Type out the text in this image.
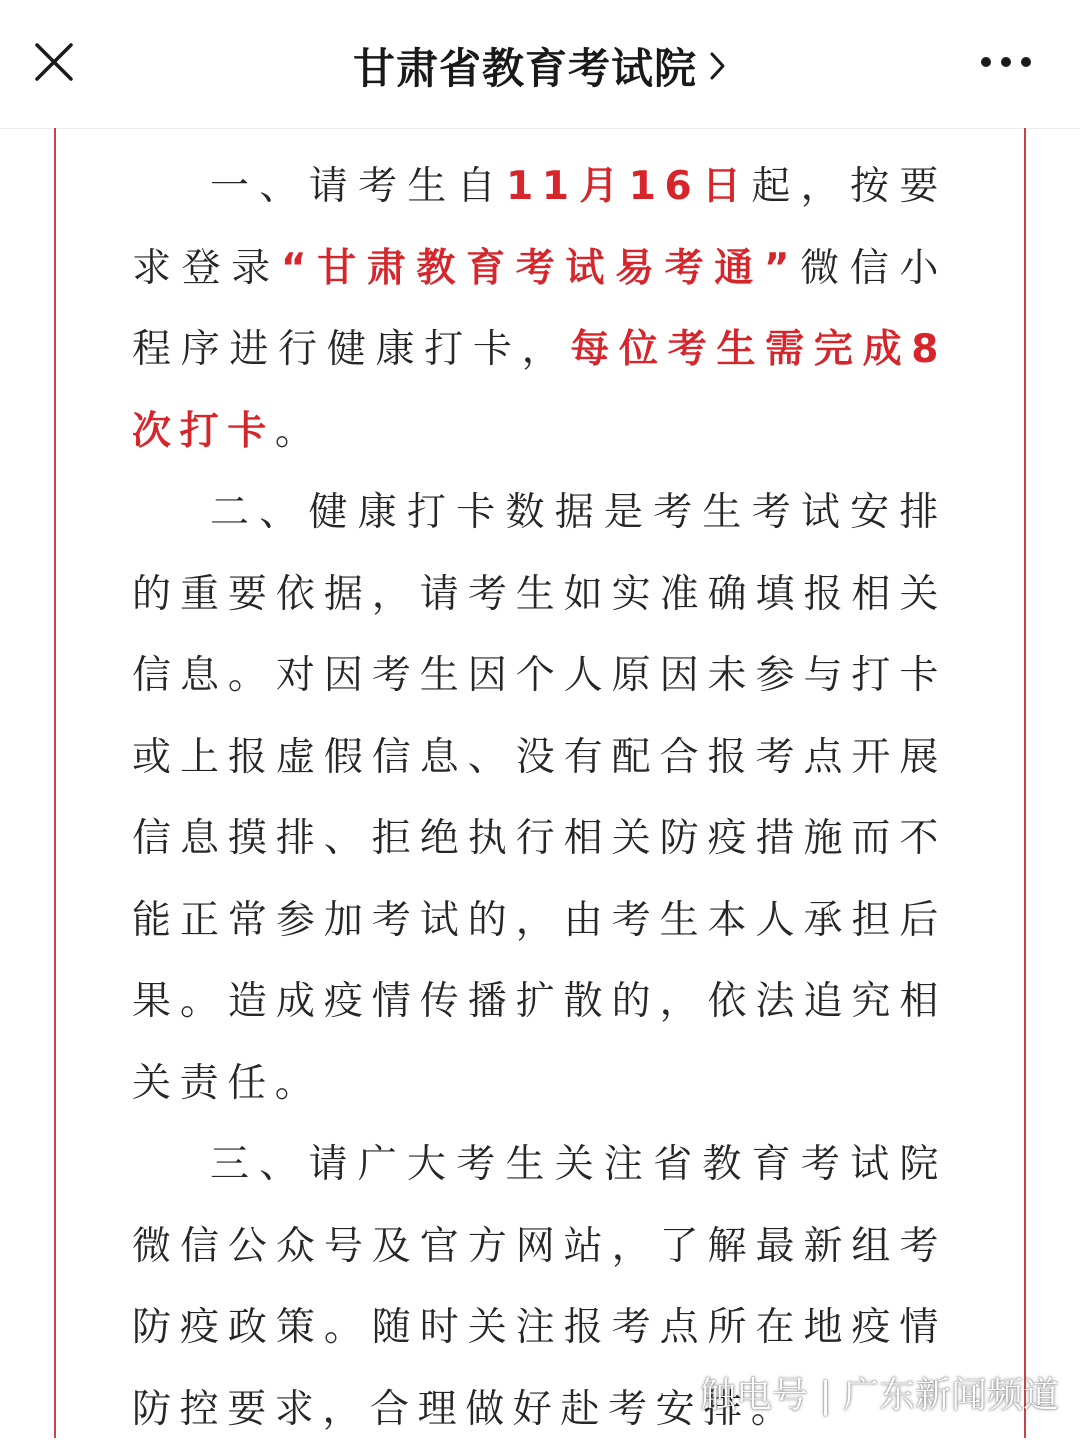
甘肃省教育考试院

一、请考生自11月16日起，按要求登录“甘肃教育考试易考通”微信小程序进行健康打卡，每位考生需完成8次打卡。

二、健康打卡数据是考生考试安排的重要依据，请考生如实准确填报相关信息。对因考生因个人原因未参与打卡或上报虚假信息、没有配合报考点开展信息摸排、拒绝执行相关防疫措施而不能正常参加考试的，由考生本人承担后果。造成疫情传播扩散的，依法追究相关责任。

三、请广大考生关注省教育考试院微信公众号及官方网站，了解最新组考防疫政策。随时关注报考点所在地疫情防控要求，合理做好赴考安排。

触电号 | 广东新闻频道
